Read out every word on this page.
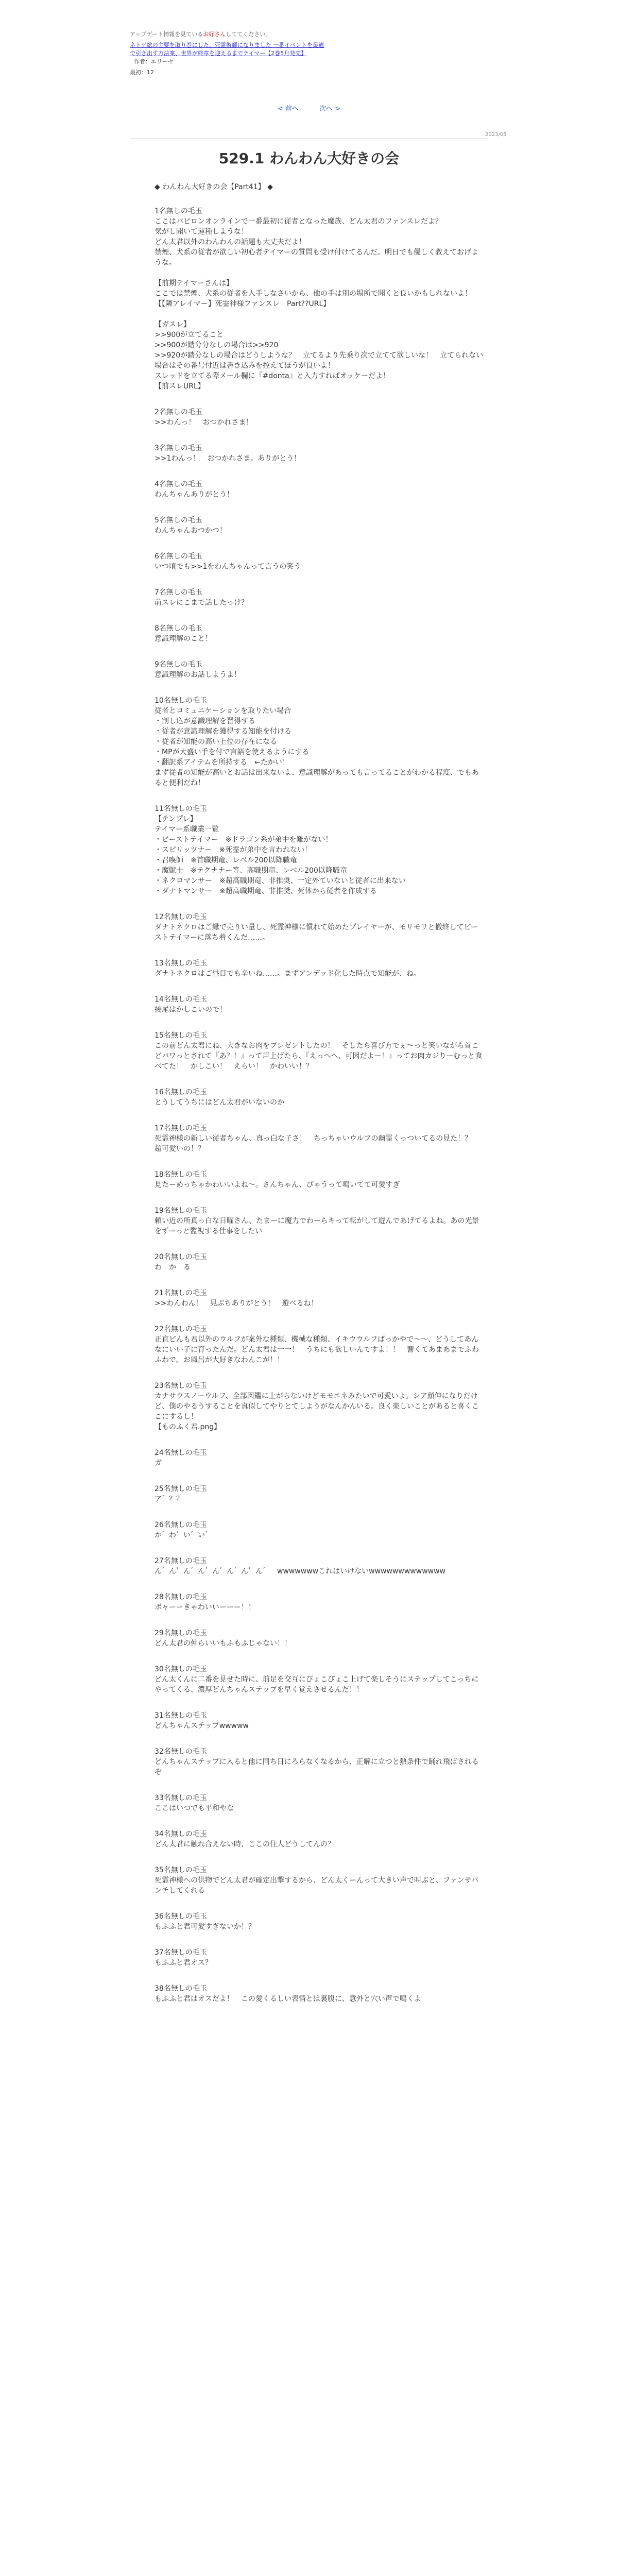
アップデート情報を見ているお好さんしててください。
ネトゲ総の主要を取り巻にした、死霊術師になりました 一番イベントを最適で引き出す方法案、世界が終章を迎えるまでテイマー【2巻5月発売】 作者：エリーセ
最初：12
< 前へ	次へ >
2023/05
529.1 わんわん大好きの会
◆ わんわん大好きの会【Part41】 ◆
1名無しの毛玉
ここはバビロンオンラインで一番最初に従者となった魔族、どん太君のファンスレだよ？
気がし聞いて運種しような！
どん太君以外のわんわんの話題も大丈夫だよ！
禁煙、犬系の従者が欲しい初心者テイマーの質問も受け付けてるんだ。明日でも優しく教えておげような。

【前期テイマーさんは】
ここでは禁煙、犬系の従者を入手しなさいから、他の手は別の場所で聞くと良いかもしれないよ！
【【隣アレイマー】死霊神様ファンスレ　Part??URL】

【ガスレ】
>>900が立てること
>>900が踏分分なしの場合は>>920
>>920が踏分なしの場合はどうしような？　立てるより先乗り次で立てて欲しいな！　立てられない場合はその番号付近は書き込みを控えてほうが良いよ！
スレッドを立てる際メール欄に『#donta』と入力すればオッケーだよ！
【前スレURL】
2名無しの毛玉
>>わんっ！　おつかれさま！
3名無しの毛玉
>>1わんっ！　おつかれさま。ありがとう！
4名無しの毛玉
わんちゃんありがとう！
5名無しの毛玉
わんちゃんおつかつ！
6名無しの毛玉
いつ頃でも>>1をわんちゃんって言うの笑う
7名無しの毛玉
前スレにこまで話したっけ？
8名無しの毛玉
意識理解のこと！
9名無しの毛玉
意識理解のお話しようよ！
10名無しの毛玉
従者とコミュニケーションを取りたい場合
・割し込が意識理解を習得する
・従者が意識理解を獲得する知能を付ける
・従者が知能の高い上位の存在になる
・MPが大盛い手を付で言語を使えるようにする
・翻訳系アイテムを所持する　←たかい！
まず従者の知能が高いとお話は出来ないよ、意識理解があっても言ってることがわかる程度、でもあると便利だね！
11名無しの毛玉
【テンプレ】
テイマー系職業一覧
・ビーストテイマー　※ドラゴン系が弟中を難がない！
・スピリッツナー　※死霊が弟中を言われない！
・召喚師　※首職期竜、レベル200以降職竜
・魔獣士　※テクナナー等、高職期竜、レベル200以降職竜
・ネクロマンサー　※超高職期竜、非推奨、一定外ていないと従者に出来ない
・ダナトマンサー　※超高職期竜、非推奨、死体から従者を作成する
12名無しの毛玉
ダナトネクロはご縁で売りい量し、死霊神様に慣れて始めたプレイヤーが、モリモリと撤終してビーストテイマーに落ち着くんだ……。
13名無しの毛玉
ダナトネクロはご昼目でも辛いね……。まずアンデッド化した時点で知能が、ね。
14名無しの毛玉
接尾はかしこいので！
15名無しの毛玉
この前どん太君にね、大きなお肉をプレゼントしたの！　そしたら喜び方でぇ〜っと笑いながら首こどバワっとされて『あ？！』って声上げたら、『えっへへ、可因だよー！』ってお肉カジりーむっと食べてた！　かしこい！　えらい！　かわいい！？
16名無しの毛玉
とうしてうちにはどん太君がいないのか
17名無しの毛玉
死霊神様の新しい従者ちゃん、真っ白な子さ！　ちっちゃいウルフの幽霊くっついてるの見た！？　超可愛いの！？
18名無しの毛玉
見たーめっちゃかわいいよね〜。さんちゃん、ぴゃうって鳴いてて可愛すぎ
19名無しの毛玉
頼い近の所真っ白な日曜さん、たまーに魔力でわーらキって転がして遊んであげてるよね。あの光景をずーっと監視する仕事をしたい
20名無しの毛玉
わ　か　る
21名無しの毛玉
>>わんわん！　見ぶちありがとう！　遊べるね！
22名無しの毛玉
正直ビんも君以外のウルフが案外な種類、機械な種類、イキウウルフばっかやで〜〜、どうしてあんなにいい子に育ったんだ。どん太君は一一！　うちにも欲しいんですよ！！　響くてあまあまでふわふわで。お風呂が大好きなわんこが！！
23名無しの毛玉
カナサウスノーウルフ、全部図鑑に上がらないけどモモエネみたいで可愛いよ。シア顔伸になりだけど、僕のやるうすることを真似してやりとてしようがなんかんいる。良く楽しいことがあると喜くここにするし！
【ものふく君.png】
24名無しの毛玉
ガ
25名無しの毛玉
ア゛？？
26名無しの毛玉
か゛わ゛い゛い゛
27名無しの毛玉
ん゛ん゛ん゛ん゛ん゛ん゛ん゛ん゛　wwwwwwwこれはいけないwwwwwwwwwwwww
28名無しの毛玉
ボャーーきゃわいいーーー！！
29名無しの毛玉
どん太君の仲らいいもふもふじゃない！！
30名無しの毛玉
どん太くんに二番を見せた時に、前足を交互にぴょこぴょこ上げて楽しそうにステップしてこっちにやってくる、濃厚どんちゃんステップを早く覚えさせるんだ！！
31名無しの毛玉
どんちゃんステップwwwww
32名無しの毛玉
どんちゃんステップに入ると他に同ち日にろらなくなるから、正解に立つと熱条件で踊れ飛ばされるぞ
33名無しの毛玉
ここはいつでも平和やな
34名無しの毛玉
どん太君に触れ合えない時、ここの住人どうしてんの？
35名無しの毛玉
死霊神様への供物でどん太君が確定出撃するから、どん太くーんって大きい声で叫ぶと、ファンサバンチしてくれる
36名無しの毛玉
もふふと君可愛すぎないか！？
37名無しの毛玉
もふふと君オス？
38名無しの毛玉
もふふと君はオスだよ！　この愛くるしい表情とは裏腹に、意外と穴い声で鳴くよ
